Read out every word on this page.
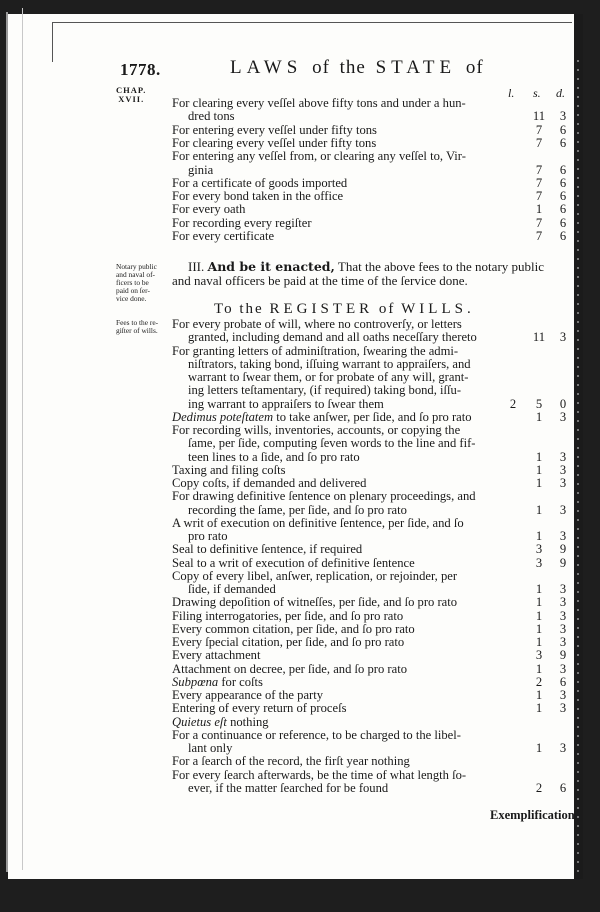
1778.	LAWS of the STATE of
CHAP.
XVII.	l. s. d.
For clearing every veſſel above fifty tons and under a hun-
dred tons	11	3
For entering every veſſel under fifty tons	7	6
For clearing every veſſel under fifty tons	7	6
For entering any veſſel from, or clearing any veſſel to, Vir-
ginia	7	6
For a certificate of goods imported	7	6
For every bond taken in the office	7	6
For every oath	1	6
For recording every regiſter	7	6
For every certificate	7	6
Notary public
and naval of-
ficers to be
paid on ſer-
vice done.
Fees to the re-
giſter of wills.
III. And be it enacted, That the above fees to the notary public
and naval officers be paid at the time of the ſervice done.
To the REGISTER of WILLS.
For every probate of will, where no controverſy, or letters
granted, including demand and all oaths neceſſary thereto	11	3
For granting letters of adminiſtration, ſwearing the admi-
niſtrators, taking bond, iſſuing warrant to appraiſers, and
warrant to ſwear them, or for probate of any will, grant-
ing letters teſtamentary, (if required) taking bond, iſſu-
ing warrant to appraiſers to ſwear them	2	5	0
Dedimus poteſtatem to take anſwer, per ſide, and ſo pro rato	1	3
For recording wills, inventories, accounts, or copying the
ſame, per ſide, computing ſeven words to the line and fif-
teen lines to a ſide, and ſo pro rato	1	3
Taxing and filing coſts	1	3
Copy coſts, if demanded and delivered	1	3
For drawing definitive ſentence on plenary proceedings, and
recording the ſame, per ſide, and ſo pro rato	1	3
A writ of execution on definitive ſentence, per ſide, and ſo
pro rato	1	3
Seal to definitive ſentence, if required	3	9
Seal to a writ of execution of definitive ſentence	3	9
Copy of every libel, anſwer, replication, or rejoinder, per
ſide, if demanded	1	3
Drawing depoſition of witneſſes, per ſide, and ſo pro rato	1	3
Filing interrogatories, per ſide, and ſo pro rato	1	3
Every common citation, per ſide, and ſo pro rato	1	3
Every ſpecial citation, per ſide, and ſo pro rato	1	3
Every attachment	3	9
Attachment on decree, per ſide, and ſo pro rato	1	3
Subpœna for coſts	2	6
Every appearance of the party	1	3
Entering of every return of proceſs	1	3
Quietus eſt nothing
For a continuance or reference, to be charged to the libel-
lant only	1	3
For a ſearch of the record, the firſt year nothing
For every ſearch afterwards, be the time of what length ſo-
ever, if the matter ſearched for be found	2	6
Exemplification
